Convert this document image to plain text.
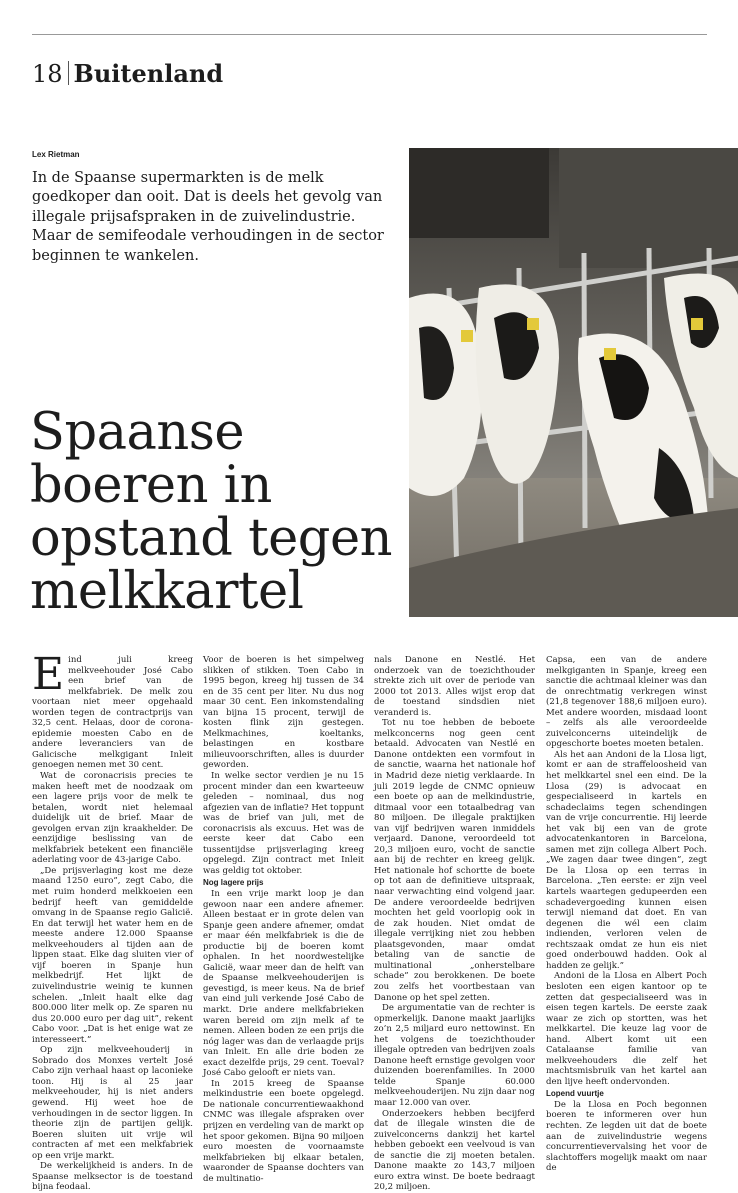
18 Buitenland
Lex Rietman
In de Spaanse supermarkten is de melk goedkoper dan ooit. Dat is deels het gevolg van illegale prijsafspraken in de zuivelindustrie. Maar de semifeodale verhoudingen in de sector beginnen te wankelen.
Spaanse
boeren in
opstand tegen
melkkartel
E ind juli kreeg melkveehouder José Cabo een brief van de melkfabriek. De melk zou voortaan niet meer opgehaald worden tegen de contractprijs van 32,5 cent. Helaas, door de corona-epidemie moesten Cabo en de andere leveranciers van de Galicische melkgigant Inleit genoegen nemen met 30 cent.

Wat de coronacrisis precies te maken heeft met de noodzaak om een lagere prijs voor de melk te betalen, wordt niet helemaal duidelijk uit de brief. Maar de gevolgen ervan zijn kraakhelder. De eenzijdige beslissing van de melkfabriek betekent een financiële aderlating voor de 43-jarige Cabo.

„De prijsverlaging kost me deze maand 1250 euro”, zegt Cabo, die met ruim honderd melkkoeien een bedrijf heeft van gemiddelde omvang in de Spaanse regio Galicië. En dat terwijl het water hem en de meeste andere 12.000 Spaanse melkveehouders al tijden aan de lippen staat. Elke dag sluiten vier of vijf boeren in Spanje hun melkbedrijf. Het lijkt de zuivelindustrie weinig te kunnen schelen. „Inleit haalt elke dag 800.000 liter melk op. Ze sparen nu dus 20.000 euro per dag uit”, rekent Cabo voor. „Dat is het enige wat ze interesseert.”

Op zijn melkveehouderij in Sobrado dos Monxes vertelt José Cabo zijn verhaal haast op laconieke toon. Hij is al 25 jaar melkveehouder, hij is niet anders gewend. Hij weet hoe de verhoudingen in de sector liggen. In theorie zijn de partijen gelijk. Boeren sluiten uit vrije wil contracten af met een melkfabriek op een vrije markt.

De werkelijkheid is anders. In de Spaanse melksector is de toestand bijna feodaal.

Voor de boeren is het simpelweg slikken of stikken. Toen Cabo in 1995 begon, kreeg hij tussen de 34 en de 35 cent per liter. Nu dus nog maar 30 cent. Een inkomstendaling van bijna 15 procent, terwijl de kosten flink zijn gestegen. Melkmachines, koeltanks, belastingen en kostbare milieuvoorschriften, alles is duurder geworden.

In welke sector verdien je nu 15 procent minder dan een kwarteeuw geleden – nominaal, dus nog afgezien van de inflatie? Het toppunt was de brief van juli, met de coronacrisis als excuus. Het was de eerste keer dat Cabo een tussentijdse prijsverlaging kreeg opgelegd. Zijn contract met Inleit was geldig tot oktober.

Nog lagere prijs

In een vrije markt loop je dan gewoon naar een andere afnemer. Alleen bestaat er in grote delen van Spanje geen andere afnemer, omdat er maar één melkfabriek is die de productie bij de boeren komt ophalen. In het noordwestelijke Galicië, waar meer dan de helft van de Spaanse melkveehouderijen is gevestigd, is meer keus. Na de brief van eind juli verkende José Cabo de markt. Drie andere melkfabrieken waren bereid om zijn melk af te nemen. Alleen boden ze een prijs die nóg lager was dan de verlaagde prijs van Inleit. En alle drie boden ze exact dezelfde prijs, 29 cent. Toeval? José Cabo gelooft er niets van.

In 2015 kreeg de Spaanse melkindustrie een boete opgelegd. De nationale concurrentiewaakhond CNMC was illegale afspraken over prijzen en verdeling van de markt op het spoor gekomen. Bijna 90 miljoen euro moesten de voornaamste melkfabrieken bij elkaar betalen, waaronder de Spaanse dochters van de multinatio-

nals Danone en Nestlé. Het onderzoek van de toezichthouder strekte zich uit over de periode van 2000 tot 2013. Alles wijst erop dat de toestand sindsdien niet veranderd is.

Tot nu toe hebben de beboete melkconcerns nog geen cent betaald. Advocaten van Nestlé en Danone ontdekten een vormfout in de sanctie, waarna het nationale hof in Madrid deze nietig verklaarde. In juli 2019 legde de CNMC opnieuw een boete op aan de melkindustrie, ditmaal voor een totaalbedrag van 80 miljoen. De illegale praktijken van vijf bedrijven waren inmiddels verjaard. Danone, veroordeeld tot 20,3 miljoen euro, vocht de sanctie aan bij de rechter en kreeg gelijk. Het nationale hof schortte de boete op tot aan de definitieve uitspraak, naar verwachting eind volgend jaar. De andere veroordeelde bedrijven mochten het geld voorlopig ook in de zak houden. Niet omdat de illegale verrijking niet zou hebben plaatsgevonden, maar omdat betaling van de sanctie de multinational „onherstelbare schade” zou berokkenen. De boete zou zelfs het voortbestaan van Danone op het spel zetten.

De argumentatie van de rechter is opmerkelijk. Danone maakt jaarlijks zo’n 2,5 miljard euro nettowinst. En het volgens de toezichthouder illegale optreden van bedrijven zoals Danone heeft ernstige gevolgen voor duizenden boerenfamilies. In 2000 telde Spanje 60.000 melkveehouderijen. Nu zijn daar nog maar 12.000 van over.

Onderzoekers hebben becijferd dat de illegale winsten die de zuivelconcerns dankzij het kartel hebben geboekt een veelvoud is van de sanctie die zij moeten betalen. Danone maakte zo 143,7 miljoen euro extra winst. De boete bedraagt 20,2 miljoen.

Capsa, een van de andere melkgiganten in Spanje, kreeg een sanctie die achtmaal kleiner was dan de onrechtmatig verkregen winst (21,8 tegenover 188,6 miljoen euro). Met andere woorden, misdaad loont – zelfs als alle veroordeelde zuivelconcerns uiteindelijk de opgeschorte boetes moeten betalen.

Als het aan Andoni de la Llosa ligt, komt er aan de straffeloosheid van het melkkartel snel een eind. De la Llosa (29) is advocaat en gespecialiseerd in kartels en schadeclaims tegen schendingen van de vrije concurrentie. Hij leerde het vak bij een van de grote advocatenkantoren in Barcelona, samen met zijn collega Albert Poch. „We zagen daar twee dingen”, zegt De la Llosa op een terras in Barcelona. „Ten eerste: er zijn veel kartels waartegen gedupeerden een schadevergoeding kunnen eisen terwijl niemand dat doet. En van degenen die wél een claim indienden, verloren velen de rechtszaak omdat ze hun eis niet goed onderbouwd hadden. Ook al hadden ze gelijk.”

Andoni de la Llosa en Albert Poch besloten een eigen kantoor op te zetten dat gespecialiseerd was in eisen tegen kartels. De eerste zaak waar ze zich op stortten, was het melkkartel. Die keuze lag voor de hand. Albert komt uit een Catalaanse familie van melkveehouders die zelf het machtsmisbruik van het kartel aan den lijve heeft ondervonden.

Lopend vuurtje

De la Llosa en Poch begonnen boeren te informeren over hun rechten. Ze legden uit dat de boete aan de zuivelindustrie wegens concurrentievervalsing het voor de slachtoffers mogelijk maakt om naar de
